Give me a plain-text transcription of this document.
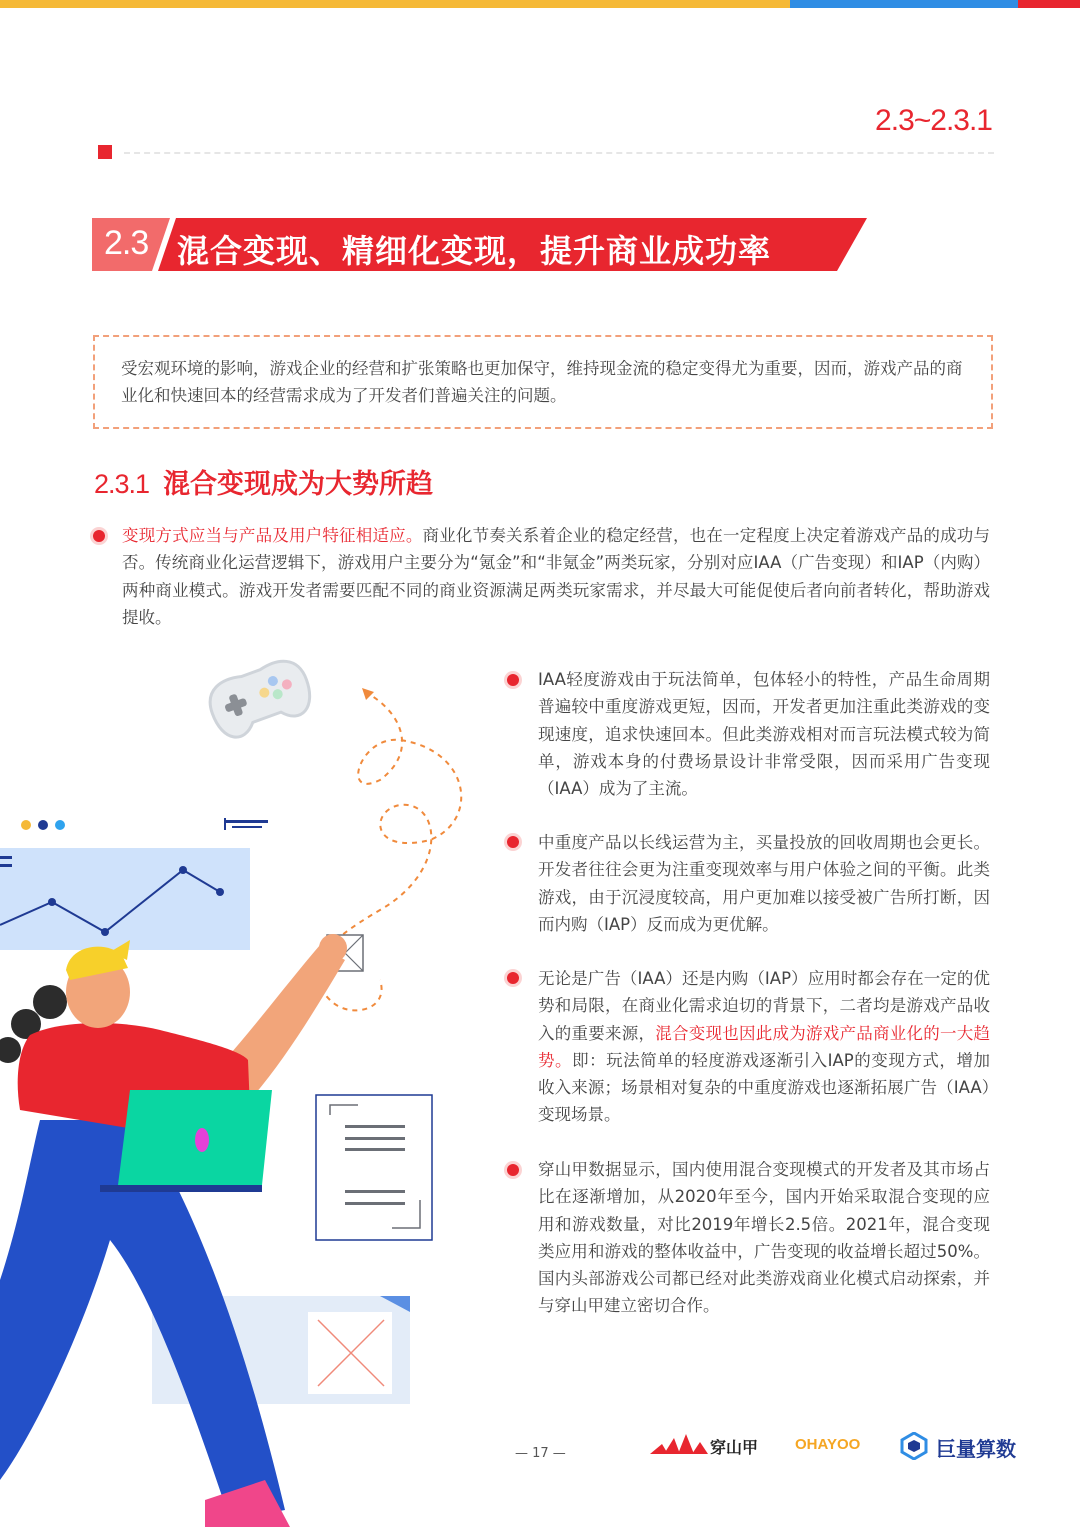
2.3~2.3.1
2.3 混合变现、精细化变现，提升商业成功率
受宏观环境的影响，游戏企业的经营和扩张策略也更加保守，维持现金流的稳定变得尤为重要，因而，游戏产品的商业化和快速回本的经营需求成为了开发者们普遍关注的问题。
2.3.1 混合变现成为大势所趋
变现方式应当与产品及用户特征相适应。商业化节奏关系着企业的稳定经营，也在一定程度上决定着游戏产品的成功与否。传统商业化运营逻辑下，游戏用户主要分为“氪金”和“非氪金”两类玩家，分别对应IAA（广告变现）和IAP（内购）两种商业模式。游戏开发者需要匹配不同的商业资源满足两类玩家需求，并尽最大可能促使后者向前者转化，帮助游戏提收。
IAA轻度游戏由于玩法简单，包体轻小的特性，产品生命周期普遍较中重度游戏更短，因而，开发者更加注重此类游戏的变现速度，追求快速回本。但此类游戏相对而言玩法模式较为简单，游戏本身的付费场景设计非常受限，因而采用广告变现（IAA）成为了主流。
中重度产品以长线运营为主，买量投放的回收周期也会更长。开发者往往会更为注重变现效率与用户体验之间的平衡。此类游戏，由于沉浸度较高，用户更加难以接受被广告所打断，因而内购（IAP）反而成为更优解。
无论是广告（IAA）还是内购（IAP）应用时都会存在一定的优势和局限，在商业化需求迫切的背景下，二者均是游戏产品收入的重要来源，混合变现也因此成为游戏产品商业化的一大趋势。即：玩法简单的轻度游戏逐渐引入IAP的变现方式，增加收入来源；场景相对复杂的中重度游戏也逐渐拓展广告（IAA）变现场景。
穿山甲数据显示，国内使用混合变现模式的开发者及其市场占比在逐渐增加，从2020年至今，国内开始采取混合变现的应用和游戏数量，对比2019年增长2.5倍。2021年，混合变现类应用和游戏的整体收益中，广告变现的收益增长超过50%。国内头部游戏公司都已经对此类游戏商业化模式启动探索，并与穿山甲建立密切合作。
— 17 —	穿山甲 OHAYOO	巨量算数
